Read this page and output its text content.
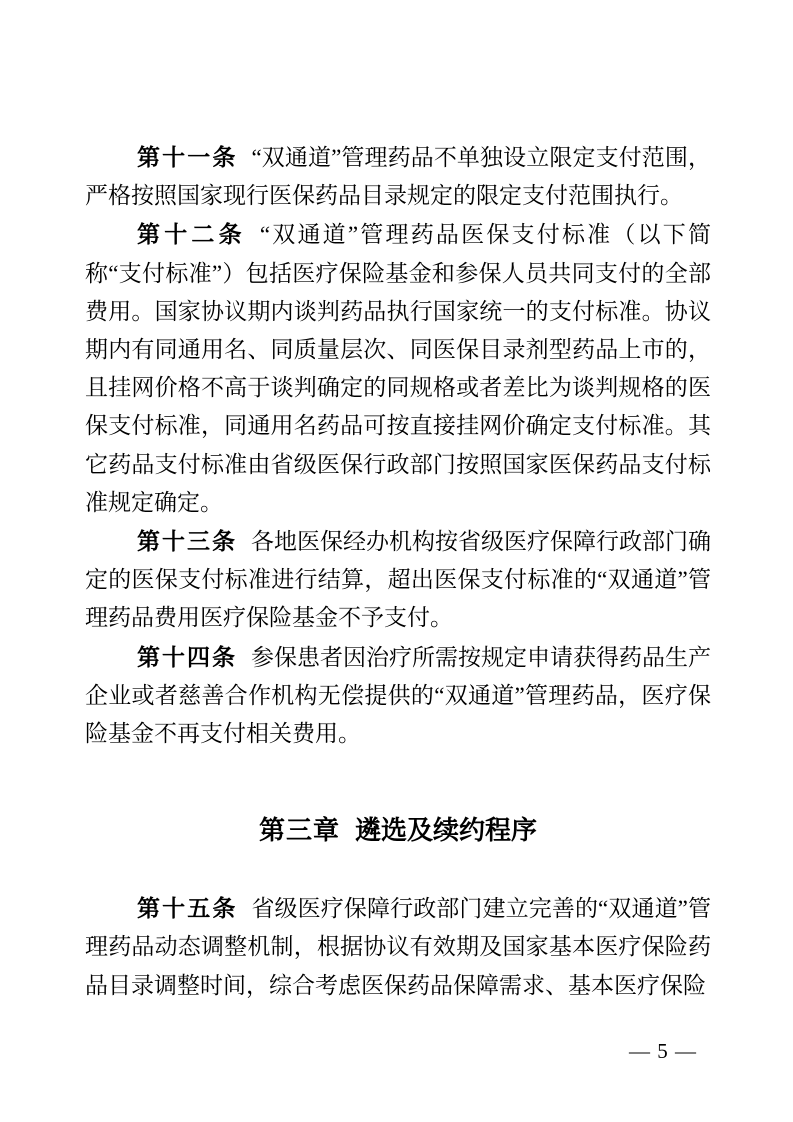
第十一条 “双通道”管理药品不单独设立限定支付范围，严格按照国家现行医保药品目录规定的限定支付范围执行。

第十二条 “双通道”管理药品医保支付标准（以下简称“支付标准”）包括医疗保险基金和参保人员共同支付的全部费用。国家协议期内谈判药品执行国家统一的支付标准。协议期内有同通用名、同质量层次、同医保目录剂型药品上市的，且挂网价格不高于谈判确定的同规格或者差比为谈判规格的医保支付标准，同通用名药品可按直接挂网价确定支付标准。其它药品支付标准由省级医保行政部门按照国家医保药品支付标准规定确定。

第十三条 各地医保经办机构按省级医疗保障行政部门确定的医保支付标准进行结算，超出医保支付标准的“双通道”管理药品费用医疗保险基金不予支付。

第十四条 参保患者因治疗所需按规定申请获得药品生产企业或者慈善合作机构无偿提供的“双通道”管理药品，医疗保险基金不再支付相关费用。

第三章 遴选及续约程序

第十五条 省级医疗保障行政部门建立完善的“双通道”管理药品动态调整机制，根据协议有效期及国家基本医疗保险药品目录调整时间，综合考虑医保药品保障需求、基本医疗保险

— 5 —
